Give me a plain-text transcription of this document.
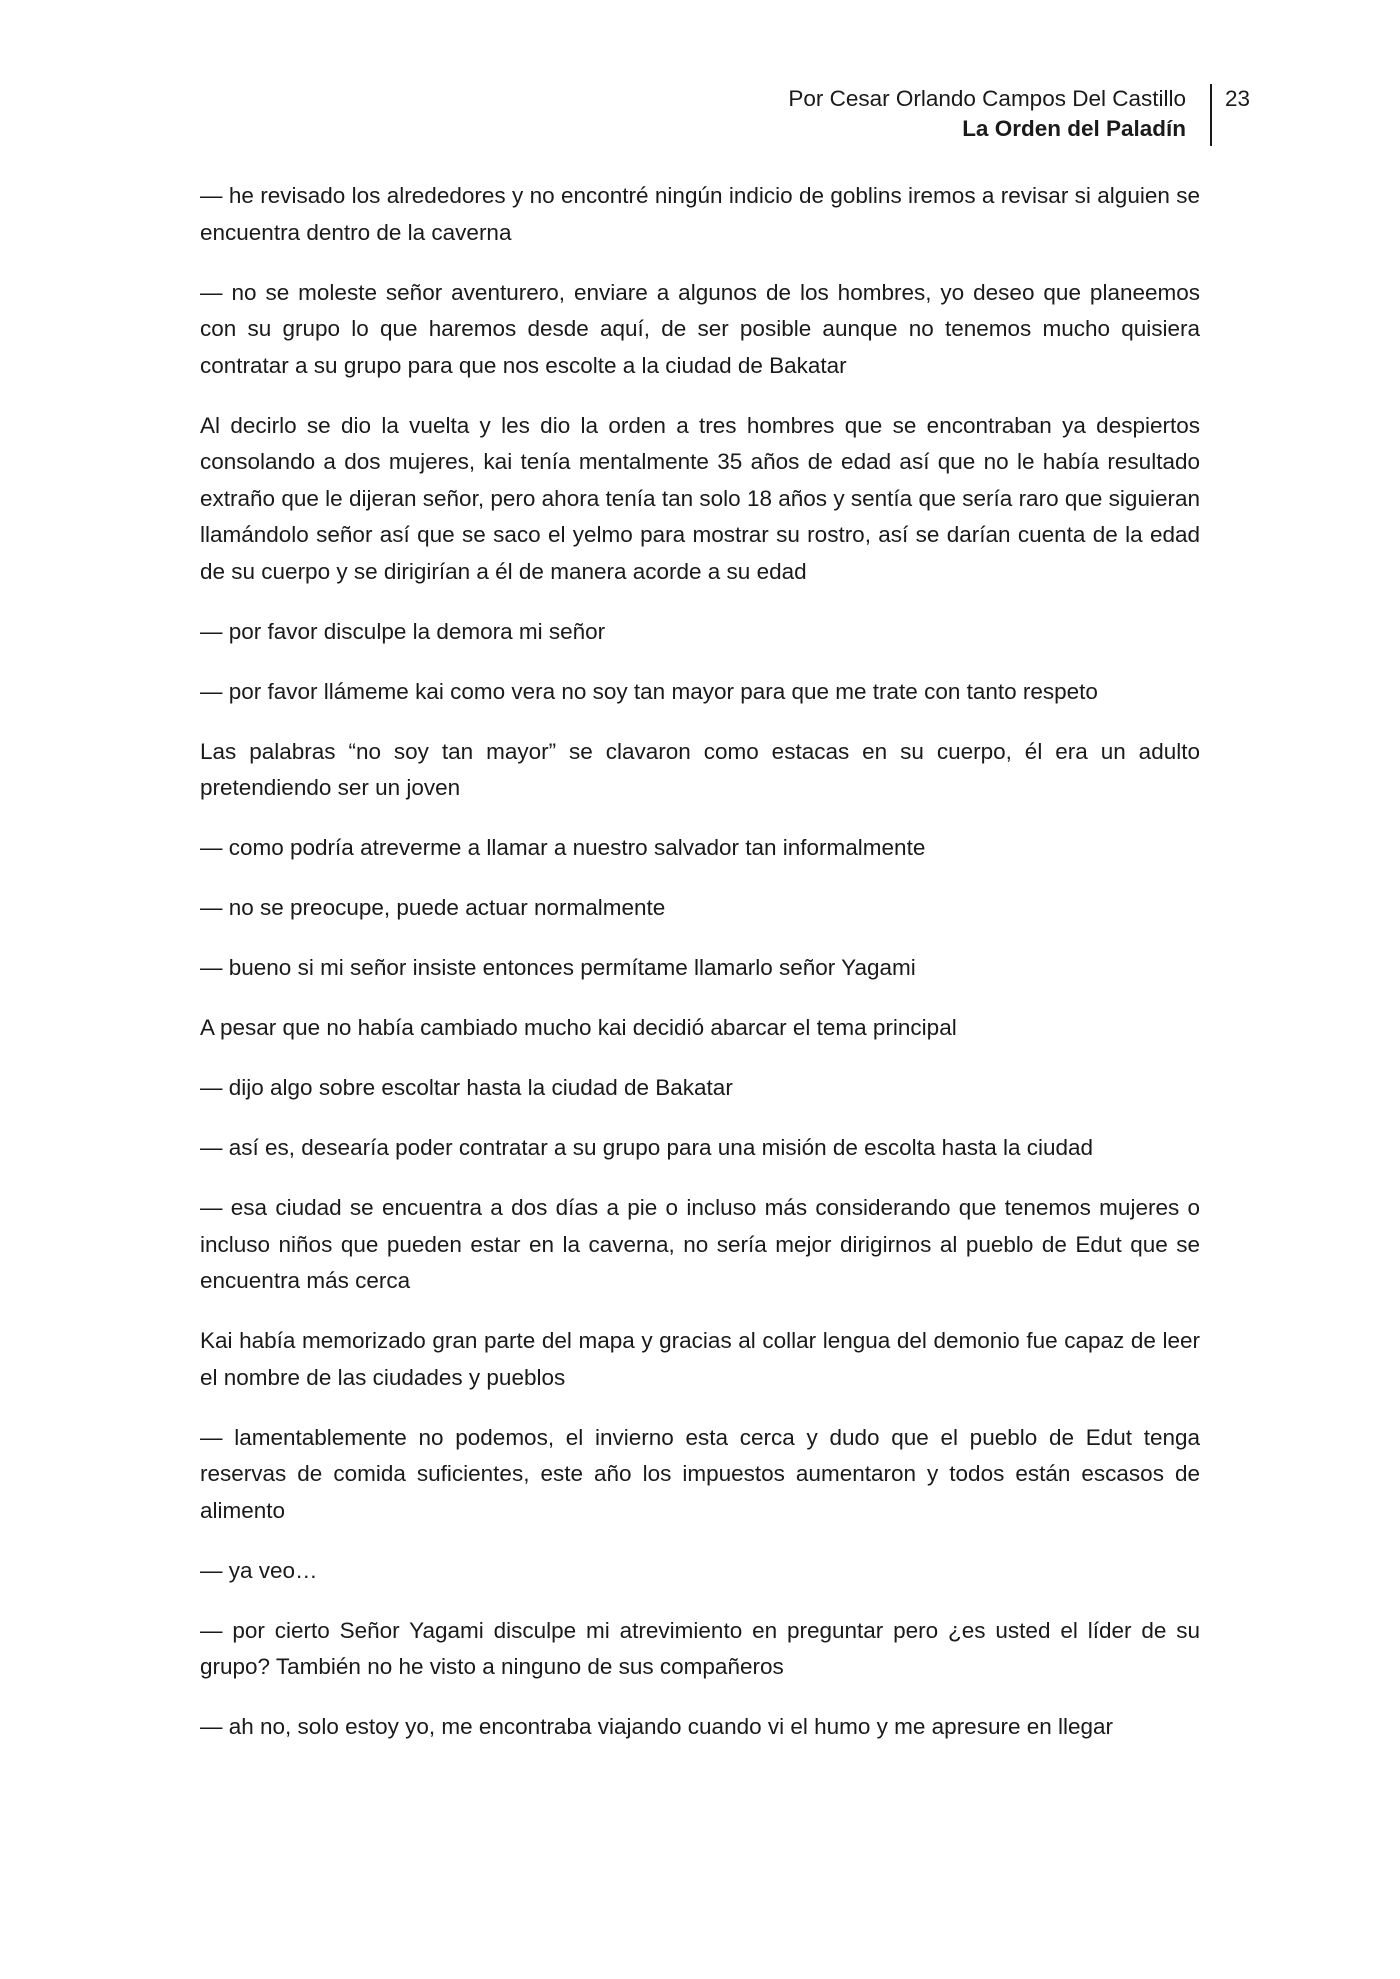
Por Cesar Orlando Campos Del Castillo
La Orden del Paladín
23

— he revisado los alrededores y no encontré ningún indicio de goblins iremos a revisar si alguien se encuentra dentro de la caverna

— no se moleste señor aventurero, enviare a algunos de los hombres, yo deseo que planeemos con su grupo lo que haremos desde aquí, de ser posible aunque no tenemos mucho quisiera contratar a su grupo para que nos escolte a la ciudad de Bakatar

Al decirlo se dio la vuelta y les dio la orden a tres hombres que se encontraban ya despiertos consolando a dos mujeres, kai tenía mentalmente 35 años de edad así que no le había resultado extraño que le dijeran señor, pero ahora tenía tan solo 18 años y sentía que sería raro que siguieran llamándolo señor así que se saco el yelmo para mostrar su rostro, así se darían cuenta de la edad de su cuerpo y se dirigirían a él de manera acorde a su edad

— por favor disculpe la demora mi señor

— por favor llámeme kai como vera no soy tan mayor para que me trate con tanto respeto

Las palabras “no soy tan mayor” se clavaron como estacas en su cuerpo, él era un adulto pretendiendo ser un joven

— como podría atreverme a llamar a nuestro salvador tan informalmente

— no se preocupe, puede actuar normalmente

— bueno si mi señor insiste entonces permítame llamarlo señor Yagami

A pesar que no había cambiado mucho kai decidió abarcar el tema principal

— dijo algo sobre escoltar hasta la ciudad de Bakatar

— así es, desearía poder contratar a su grupo para una misión de escolta hasta la ciudad

— esa ciudad se encuentra a dos días a pie o incluso más considerando que tenemos mujeres o incluso niños que pueden estar en la caverna, no sería mejor dirigirnos al pueblo de Edut que se encuentra más cerca

Kai había memorizado gran parte del mapa y gracias al collar lengua del demonio fue capaz de leer el nombre de las ciudades y pueblos

— lamentablemente no podemos, el invierno esta cerca y dudo que el pueblo de Edut tenga reservas de comida suficientes, este año los impuestos aumentaron y todos están escasos de alimento

— ya veo…

— por cierto Señor Yagami disculpe mi atrevimiento en preguntar pero ¿es usted el líder de su grupo? También no he visto a ninguno de sus compañeros

— ah no, solo estoy yo, me encontraba viajando cuando vi el humo y me apresure en llegar
